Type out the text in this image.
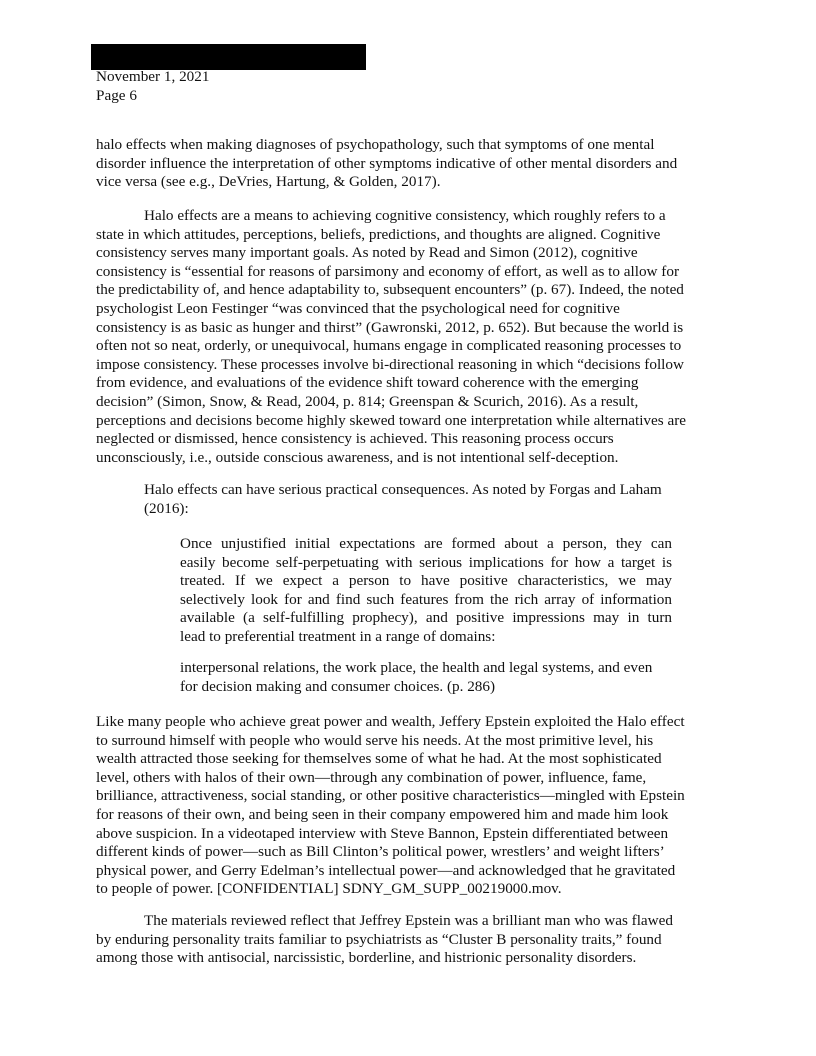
November 1, 2021
Page 6
halo effects when making diagnoses of psychopathology, such that symptoms of one mental
disorder influence the interpretation of other symptoms indicative of other mental disorders and
vice versa (see e.g., DeVries, Hartung, & Golden, 2017).
Halo effects are a means to achieving cognitive consistency, which roughly refers to a
state in which attitudes, perceptions, beliefs, predictions, and thoughts are aligned. Cognitive
consistency serves many important goals. As noted by Read and Simon (2012), cognitive
consistency is “essential for reasons of parsimony and economy of effort, as well as to allow for
the predictability of, and hence adaptability to, subsequent encounters” (p. 67). Indeed, the noted
psychologist Leon Festinger “was convinced that the psychological need for cognitive
consistency is as basic as hunger and thirst” (Gawronski, 2012, p. 652). But because the world is
often not so neat, orderly, or unequivocal, humans engage in complicated reasoning processes to
impose consistency. These processes involve bi-directional reasoning in which “decisions follow
from evidence, and evaluations of the evidence shift toward coherence with the emerging
decision” (Simon, Snow, & Read, 2004, p. 814; Greenspan & Scurich, 2016). As a result,
perceptions and decisions become highly skewed toward one interpretation while alternatives are
neglected or dismissed, hence consistency is achieved. This reasoning process occurs
unconsciously, i.e., outside conscious awareness, and is not intentional self-deception.
Halo effects can have serious practical consequences. As noted by Forgas and Laham
(2016):
Once unjustified initial expectations are formed about a person, they can
easily become self-perpetuating with serious implications for how a target is
treated. If we expect a person to have positive characteristics, we may
selectively look for and find such features from the rich array of information
available (a self-fulfilling prophecy), and positive impressions may in turn
lead to preferential treatment in a range of domains:
interpersonal relations, the work place, the health and legal systems, and even
for decision making and consumer choices. (p. 286)
Like many people who achieve great power and wealth, Jeffery Epstein exploited the Halo effect
to surround himself with people who would serve his needs. At the most primitive level, his
wealth attracted those seeking for themselves some of what he had. At the most sophisticated
level, others with halos of their own—through any combination of power, influence, fame,
brilliance, attractiveness, social standing, or other positive characteristics—mingled with Epstein
for reasons of their own, and being seen in their company empowered him and made him look
above suspicion. In a videotaped interview with Steve Bannon, Epstein differentiated between
different kinds of power—such as Bill Clinton’s political power, wrestlers’ and weight lifters’
physical power, and Gerry Edelman’s intellectual power—and acknowledged that he gravitated
to people of power. [CONFIDENTIAL] SDNY_GM_SUPP_00219000.mov.
The materials reviewed reflect that Jeffrey Epstein was a brilliant man who was flawed
by enduring personality traits familiar to psychiatrists as “Cluster B personality traits,” found
among those with antisocial, narcissistic, borderline, and histrionic personality disorders.
